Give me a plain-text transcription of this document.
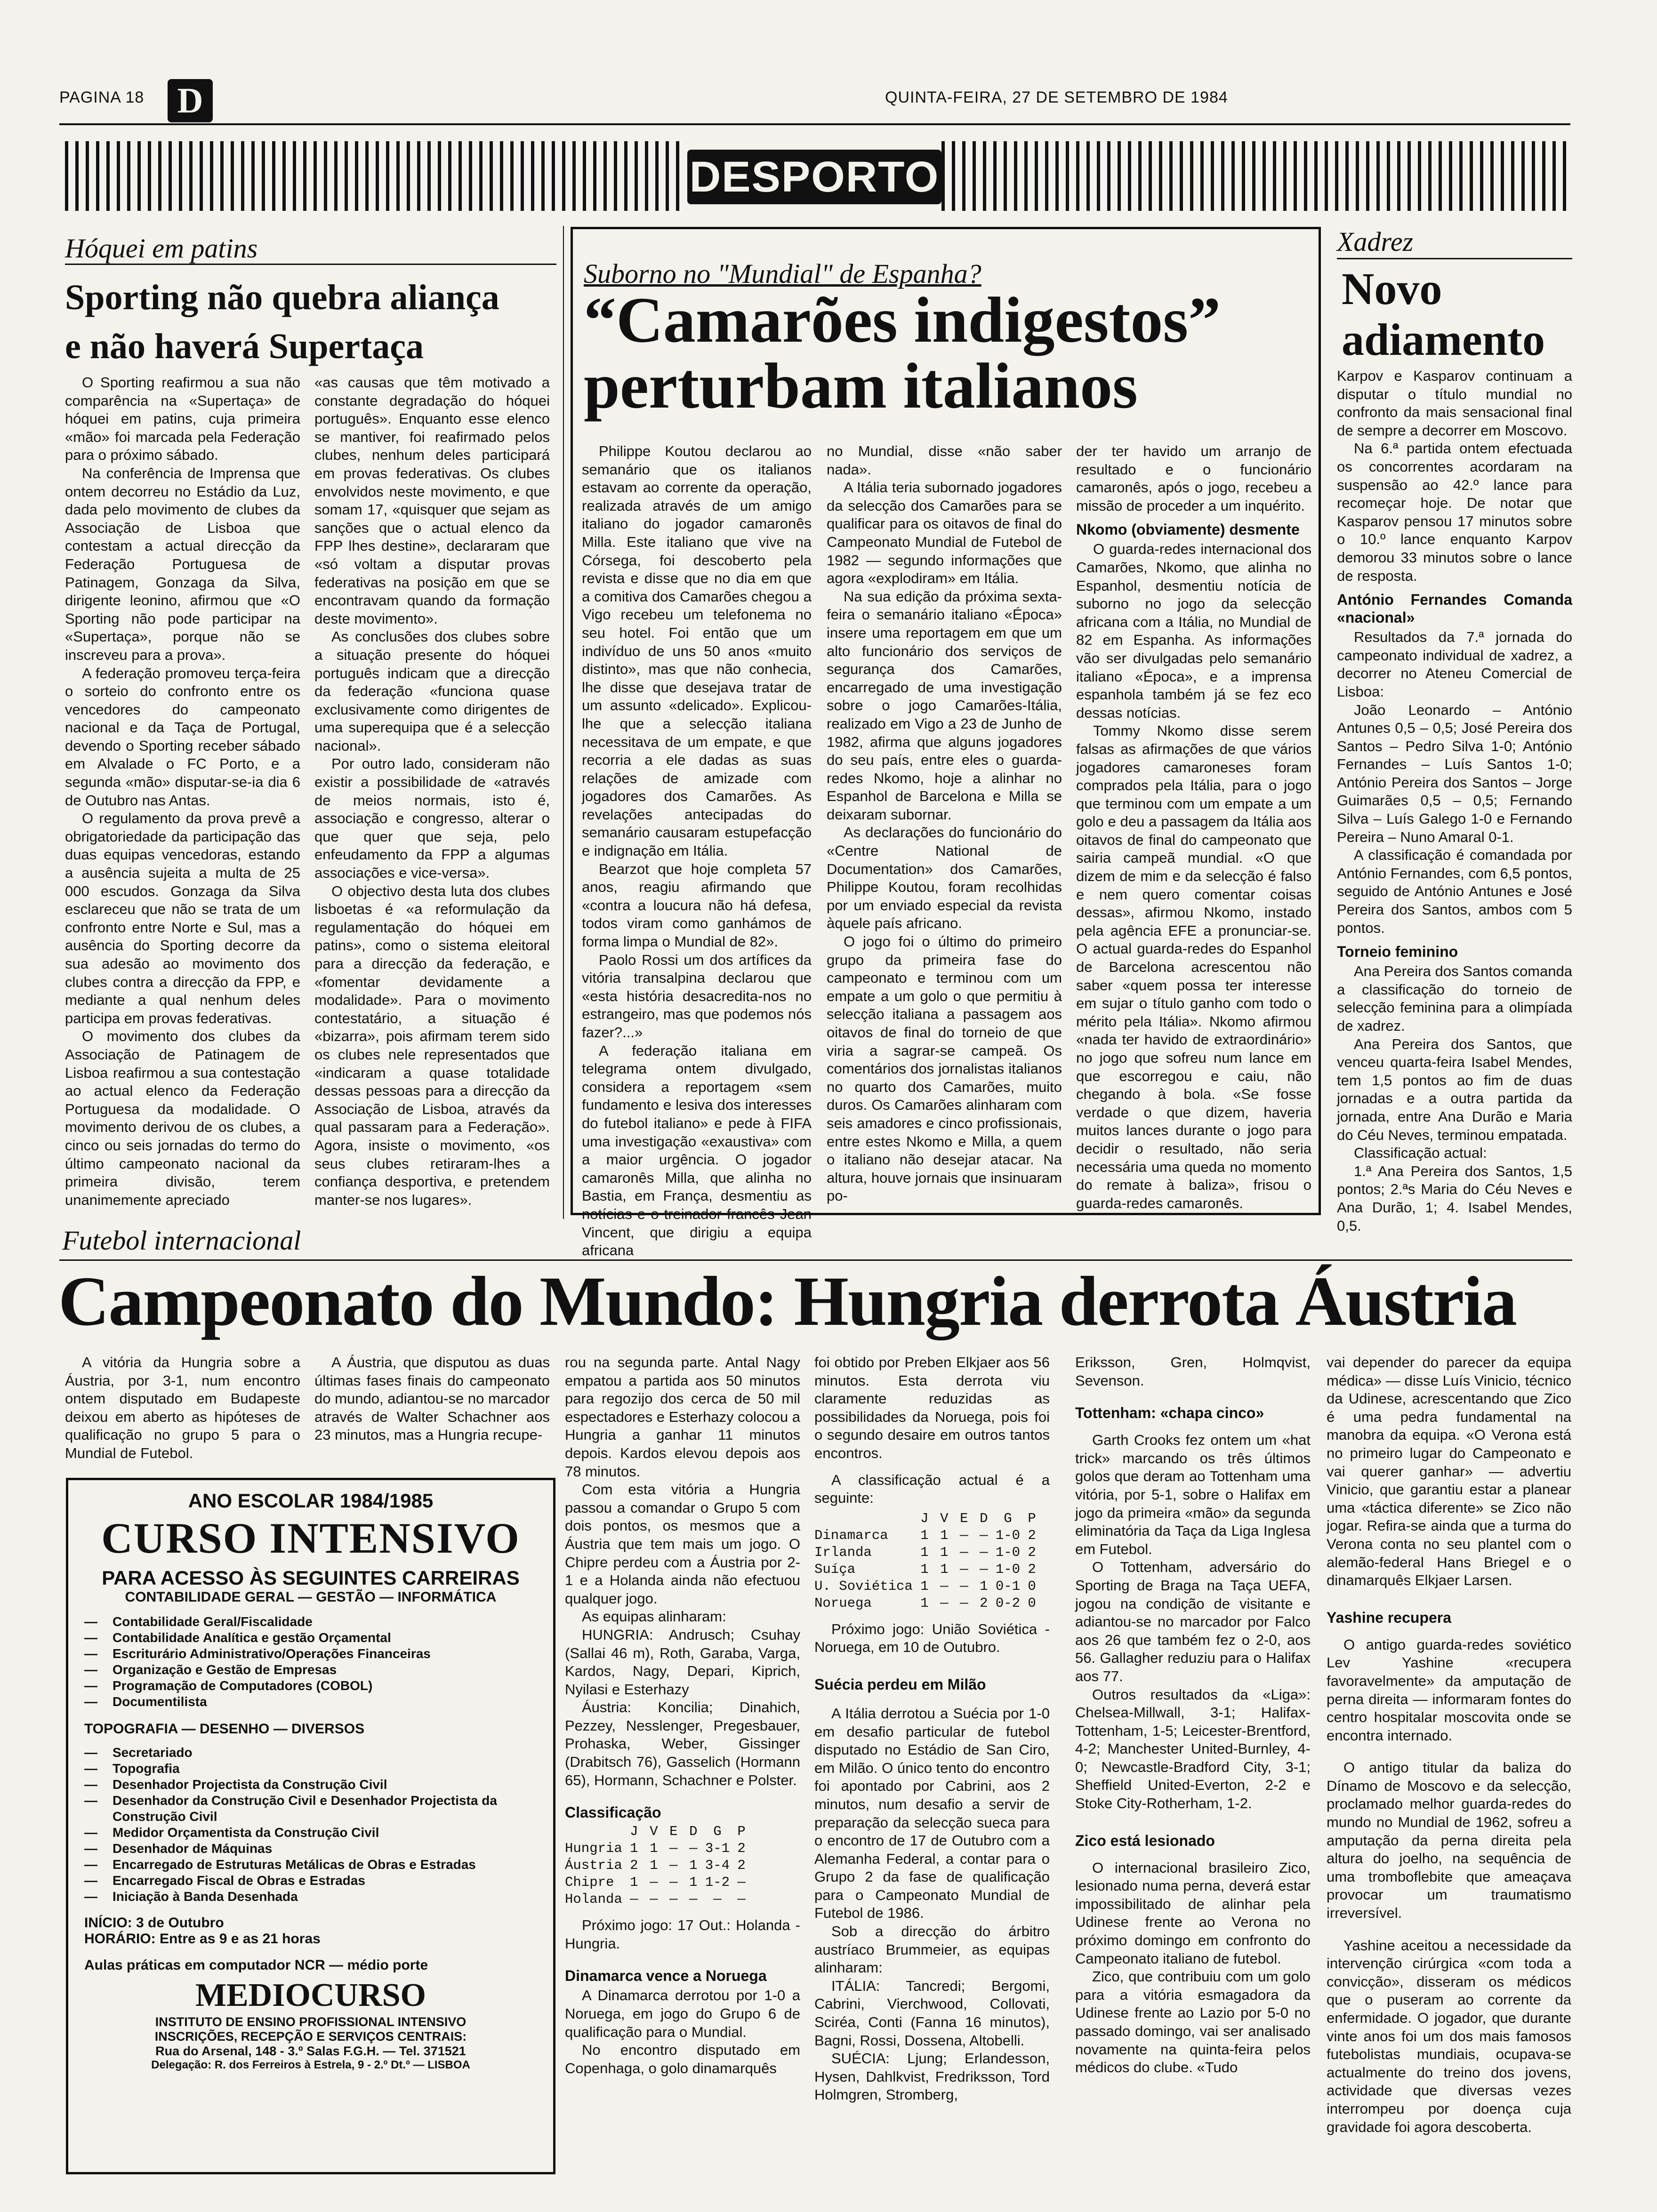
PAGINA 18 D	QUINTA-FEIRA, 27 DE SETEMBRO DE 1984
DESPORTO
Hóquei em patins
Sporting não quebra aliança
e não haverá Supertaça

O Sporting reafirmou a sua não comparência na «Supertaça» de hóquei em patins, cuja primeira «mão» foi marcada pela Federação para o próximo sábado.

Na conferência de Imprensa que ontem decorreu no Estádio da Luz, dada pelo movimento de clubes da Associação de Lisboa que contestam a actual direcção da Federação Portuguesa de Patinagem, Gonzaga da Silva, dirigente leonino, afirmou que «O Sporting não pode participar na «Supertaça», porque não se inscreveu para a prova».

A federação promoveu terça-feira o sorteio do confronto entre os vencedores do campeonato nacional e da Taça de Portugal, devendo o Sporting receber sábado em Alvalade o FC Porto, e a segunda «mão» disputar-se-ia dia 6 de Outubro nas Antas.

O regulamento da prova prevê a obrigatoriedade da participação das duas equipas vencedoras, estando a ausência sujeita a multa de 25 000 escudos. Gonzaga da Silva esclareceu que não se trata de um confronto entre Norte e Sul, mas a ausência do Sporting decorre da sua adesão ao movimento dos clubes contra a direcção da FPP, e mediante a qual nenhum deles participa em provas federativas.

O movimento dos clubes da Associação de Patinagem de Lisboa reafirmou a sua contestação ao actual elenco da Federação Portuguesa da modalidade. O movimento derivou de os clubes, a cinco ou seis jornadas do termo do último campeonato nacional da primeira divisão, terem unanimemente apreciado

«as causas que têm motivado a constante degradação do hóquei português». Enquanto esse elenco se mantiver, foi reafirmado pelos clubes, nenhum deles participará em provas federativas. Os clubes envolvidos neste movimento, e que somam 17, «quisquer que sejam as sanções que o actual elenco da FPP lhes destine», declararam que «só voltam a disputar provas federativas na posição em que se encontravam quando da formação deste movimento».

As conclusões dos clubes sobre a situação presente do hóquei português indicam que a direcção da federação «funciona quase exclusivamente como dirigentes de uma superequipa que é a selecção nacional».

Por outro lado, consideram não existir a possibilidade de «através de meios normais, isto é, associação e congresso, alterar o que quer que seja, pelo enfeudamento da FPP a algumas associações e vice-versa».

O objectivo desta luta dos clubes lisboetas é «a reformulação da regulamentação do hóquei em patins», como o sistema eleitoral para a direcção da federação, e «fomentar devidamente a modalidade». Para o movimento contestatário, a situação é «bizarra», pois afirmam terem sido os clubes nele representados que «indicaram a quase totalidade dessas pessoas para a direcção da Associação de Lisboa, através da qual passaram para a Federação». Agora, insiste o movimento, «os seus clubes retiraram-lhes a confiança desportiva, e pretendem manter-se nos lugares».

Suborno no "Mundial" de Espanha?
“Camarões indigestos”
perturbam italianos

Philippe Koutou declarou ao semanário que os italianos estavam ao corrente da operação, realizada através de um amigo italiano do jogador camaronês Milla. Este italiano que vive na Córsega, foi descoberto pela revista e disse que no dia em que a comitiva dos Camarões chegou a Vigo recebeu um telefonema no seu hotel. Foi então que um indivíduo de uns 50 anos «muito distinto», mas que não conhecia, lhe disse que desejava tratar de um assunto «delicado». Explicou-lhe que a selecção italiana necessitava de um empate, e que recorria a ele dadas as suas relações de amizade com jogadores dos Camarões. As revelações antecipadas do semanário causaram estupefacção e indignação em Itália.

Bearzot que hoje completa 57 anos, reagiu afirmando que «contra a loucura não há defesa, todos viram como ganhámos de forma limpa o Mundial de 82».

Paolo Rossi um dos artífices da vitória transalpina declarou que «esta história desacredita-nos no estrangeiro, mas que podemos nós fazer?...»

A federação italiana em telegrama ontem divulgado, considera a reportagem «sem fundamento e lesiva dos interesses do futebol italiano» e pede à FIFA uma investigação «exaustiva» com a maior urgência. O jogador camaronês Milla, que alinha no Bastia, em França, desmentiu as notícias e o treinador francês Jean Vincent, que dirigiu a equipa africana

no Mundial, disse «não saber nada».

A Itália teria subornado jogadores da selecção dos Camarões para se qualificar para os oitavos de final do Campeonato Mundial de Futebol de 1982 — segundo informações que agora «explodiram» em Itália.

Na sua edição da próxima sexta-feira o semanário italiano «Época» insere uma reportagem em que um alto funcionário dos serviços de segurança dos Camarões, encarregado de uma investigação sobre o jogo Camarões-Itália, realizado em Vigo a 23 de Junho de 1982, afirma que alguns jogadores do seu país, entre eles o guarda-redes Nkomo, hoje a alinhar no Espanhol de Barcelona e Milla se deixaram subornar.

As declarações do funcionário do «Centre National de Documentation» dos Camarões, Philippe Koutou, foram recolhidas por um enviado especial da revista àquele país africano.

O jogo foi o último do primeiro grupo da primeira fase do campeonato e terminou com um empate a um golo o que permitiu à selecção italiana a passagem aos oitavos de final do torneio de que viria a sagrar-se campeã. Os comentários dos jornalistas italianos no quarto dos Camarões, muito duros. Os Camarões alinharam com seis amadores e cinco profissionais, entre estes Nkomo e Milla, a quem o italiano não desejar atacar. Na altura, houve jornais que insinuaram po-

der ter havido um arranjo de resultado e o funcionário camaronês, após o jogo, recebeu a missão de proceder a um inquérito.

Nkomo (obviamente) desmente

O guarda-redes internacional dos Camarões, Nkomo, que alinha no Espanhol, desmentiu notícia de suborno no jogo da selecção africana com a Itália, no Mundial de 82 em Espanha. As informações vão ser divulgadas pelo semanário italiano «Época», e a imprensa espanhola também já se fez eco dessas notícias.

Tommy Nkomo disse serem falsas as afirmações de que vários jogadores camaroneses foram comprados pela Itália, para o jogo que terminou com um empate a um golo e deu a passagem da Itália aos oitavos de final do campeonato que sairia campeã mundial. «O que dizem de mim e da selecção é falso e nem quero comentar coisas dessas», afirmou Nkomo, instado pela agência EFE a pronunciar-se. O actual guarda-redes do Espanhol de Barcelona acrescentou não saber «quem possa ter interesse em sujar o título ganho com todo o mérito pela Itália». Nkomo afirmou «nada ter havido de extraordinário» no jogo que sofreu num lance em que escorregou e caiu, não chegando à bola. «Se fosse verdade o que dizem, haveria muitos lances durante o jogo para decidir o resultado, não seria necessária uma queda no momento do remate à baliza», frisou o guarda-redes camaronês.

Xadrez
Novo
adiamento

Karpov e Kasparov continuam a disputar o título mundial no confronto da mais sensacional final de sempre a decorrer em Moscovo.

Na 6.ª partida ontem efectuada os concorrentes acordaram na suspensão ao 42.º lance para recomeçar hoje. De notar que Kasparov pensou 17 minutos sobre o 10.º lance enquanto Karpov demorou 33 minutos sobre o lance de resposta.

António Fernandes Comanda «nacional»

Resultados da 7.ª jornada do campeonato individual de xadrez, a decorrer no Ateneu Comercial de Lisboa:

João Leonardo – António Antunes 0,5 – 0,5; José Pereira dos Santos – Pedro Silva 1-0; António Fernandes – Luís Santos 1-0; António Pereira dos Santos – Jorge Guimarães 0,5 – 0,5; Fernando Silva – Luís Galego 1-0 e Fernando Pereira – Nuno Amaral 0-1.

A classificação é comandada por António Fernandes, com 6,5 pontos, seguido de António Antunes e José Pereira dos Santos, ambos com 5 pontos.

Torneio feminino

Ana Pereira dos Santos comanda a classificação do torneio de selecção feminina para a olimpíada de xadrez.

Ana Pereira dos Santos, que venceu quarta-feira Isabel Mendes, tem 1,5 pontos ao fim de duas jornadas e a outra partida da jornada, entre Ana Durão e Maria do Céu Neves, terminou empatada.

Classificação actual:

1.ª Ana Pereira dos Santos, 1,5 pontos; 2.ªs Maria do Céu Neves e Ana Durão, 1; 4. Isabel Mendes, 0,5.

Futebol internacional
Campeonato do Mundo: Hungria derrota Áustria

A vitória da Hungria sobre a Áustria, por 3-1, num encontro ontem disputado em Budapeste deixou em aberto as hipóteses de qualificação no grupo 5 para o Mundial de Futebol.

A Áustria, que disputou as duas últimas fases finais do campeonato do mundo, adiantou-se no marcador através de Walter Schachner aos 23 minutos, mas a Hungria recupe-

ANO ESCOLAR 1984/1985
CURSO INTENSIVO
PARA ACESSO ÀS SEGUINTES CARREIRAS
CONTABILIDADE GERAL — GESTÃO — INFORMÁTICA
— Contabilidade Geral/Fiscalidade
— Contabilidade Analítica e gestão Orçamental
— Escriturário Administrativo/Operações Financeiras
— Organização e Gestão de Empresas
— Programação de Computadores (COBOL)
— Documentilista
TOPOGRAFIA — DESENHO — DIVERSOS
— Secretariado
— Topografia
— Desenhador Projectista da Construção Civil
— Desenhador da Construção Civil e Desenhador Projectista da Construção Civil
— Medidor Orçamentista da Construção Civil
— Desenhador de Máquinas
— Encarregado de Estruturas Metálicas de Obras e Estradas
— Encarregado Fiscal de Obras e Estradas
— Iniciação à Banda Desenhada
INÍCIO: 3 de Outubro
HORÁRIO: Entre as 9 e as 21 horas
Aulas práticas em computador NCR — médio porte
MEDIOCURSO
INSTITUTO DE ENSINO PROFISSIONAL INTENSIVO
INSCRIÇÕES, RECEPÇÃO E SERVIÇOS CENTRAIS:
Rua do Arsenal, 148 - 3.º Salas F.G.H. — Tel. 371521
Delegação: R. dos Ferreiros à Estrela, 9 - 2.º Dt.º — LISBOA

rou na segunda parte. Antal Nagy empatou a partida aos 50 minutos para regozijo dos cerca de 50 mil espectadores e Esterhazy colocou a Hungria a ganhar 11 minutos depois. Kardos elevou depois aos 78 minutos.

Com esta vitória a Hungria passou a comandar o Grupo 5 com dois pontos, os mesmos que a Áustria que tem mais um jogo. O Chipre perdeu com a Áustria por 2-1 e a Holanda ainda não efectuou qualquer jogo.

As equipas alinharam:

HUNGRIA: Andrusch; Csuhay (Sallai 46 m), Roth, Garaba, Varga, Kardos, Nagy, Depari, Kiprich, Nyilasi e Esterhazy

Áustria: Koncilia; Dinahich, Pezzey, Nesslenger, Pregesbauer, Prohaska, Weber, Gissinger (Drabitsch 76), Gasselich (Hormann 65), Hormann, Schachner e Polster.

Classificação
	J	V	E	D	G	P
Hungria	1	1	—	—	3-1	2
Áustria	2	1	—	1	3-4	2
Chipre	1	—	—	1	1-2	—
Holanda	—	—	—	—	—	—

Próximo jogo: 17 Out.: Holanda - Hungria.

Dinamarca vence a Noruega

A Dinamarca derrotou por 1-0 a Noruega, em jogo do Grupo 6 de qualificação para o Mundial.

No encontro disputado em Copenhaga, o golo dinamarquês

foi obtido por Preben Elkjaer aos 56 minutos. Esta derrota viu claramente reduzidas as possibilidades da Noruega, pois foi o segundo desaire em outros tantos encontros.

A classificação actual é a seguinte:

	J	V	E	D	G	P
Dinamarca	1	1	—	—	1-0	2
Irlanda	1	1	—	—	1-0	2
Suíça	1	1	—	—	1-0	2
U. Soviética	1	—	—	1	0-1	0
Noruega	1	—	—	2	0-2	0

Próximo jogo: União Soviética - Noruega, em 10 de Outubro.

Suécia perdeu em Milão

A Itália derrotou a Suécia por 1-0 em desafio particular de futebol disputado no Estádio de San Ciro, em Milão. O único tento do encontro foi apontado por Cabrini, aos 2 minutos, num desafio a servir de preparação da selecção sueca para o encontro de 17 de Outubro com a Alemanha Federal, a contar para o Grupo 2 da fase de qualificação para o Campeonato Mundial de Futebol de 1986.

Sob a direcção do árbitro austríaco Brummeier, as equipas alinharam:

ITÁLIA: Tancredi; Bergomi, Cabrini, Vierchwood, Collovati, Sciréa, Conti (Fanna 16 minutos), Bagni, Rossi, Dossena, Altobelli.

SUÉCIA: Ljung; Erlandesson, Hysen, Dahlkvist, Fredriksson, Tord Holmgren, Stromberg,

Eriksson, Gren, Holmqvist, Sevenson.

Tottenham: «chapa cinco»

Garth Crooks fez ontem um «hat trick» marcando os três últimos golos que deram ao Tottenham uma vitória, por 5-1, sobre o Halifax em jogo da primeira «mão» da segunda eliminatória da Taça da Liga Inglesa em Futebol.

O Tottenham, adversário do Sporting de Braga na Taça UEFA, jogou na condição de visitante e adiantou-se no marcador por Falco aos 26 que também fez o 2-0, aos 56. Gallagher reduziu para o Halifax aos 77.

Outros resultados da «Liga»: Chelsea-Millwall, 3-1; Halifax-Tottenham, 1-5; Leicester-Brentford, 4-2; Manchester United-Burnley, 4-0; Newcastle-Bradford City, 3-1; Sheffield United-Everton, 2-2 e Stoke City-Rotherham, 1-2.

Zico está lesionado

O internacional brasileiro Zico, lesionado numa perna, deverá estar impossibilitado de alinhar pela Udinese frente ao Verona no próximo domingo em confronto do Campeonato italiano de futebol.

Zico, que contribuiu com um golo para a vitória esmagadora da Udinese frente ao Lazio por 5-0 no passado domingo, vai ser analisado novamente na quinta-feira pelos médicos do clube. «Tudo

vai depender do parecer da equipa médica» — disse Luís Vinicio, técnico da Udinese, acrescentando que Zico é uma pedra fundamental na manobra da equipa. «O Verona está no primeiro lugar do Campeonato e vai querer ganhar» — advertiu Vinicio, que garantiu estar a planear uma «táctica diferente» se Zico não jogar. Refira-se ainda que a turma do Verona conta no seu plantel com o alemão-federal Hans Briegel e o dinamarquês Elkjaer Larsen.

Yashine recupera

O antigo guarda-redes soviético Lev Yashine «recupera favoravelmente» da amputação de perna direita — informaram fontes do centro hospitalar moscovita onde se encontra internado.

O antigo titular da baliza do Dínamo de Moscovo e da selecção, proclamado melhor guarda-redes do mundo no Mundial de 1962, sofreu a amputação da perna direita pela altura do joelho, na sequência de uma tromboflebite que ameaçava provocar um traumatismo irreversível.

Yashine aceitou a necessidade da intervenção cirúrgica «com toda a convicção», disseram os médicos que o puseram ao corrente da enfermidade. O jogador, que durante vinte anos foi um dos mais famosos futebolistas mundiais, ocupava-se actualmente do treino dos jovens, actividade que diversas vezes interrompeu por doença cuja gravidade foi agora descoberta.
